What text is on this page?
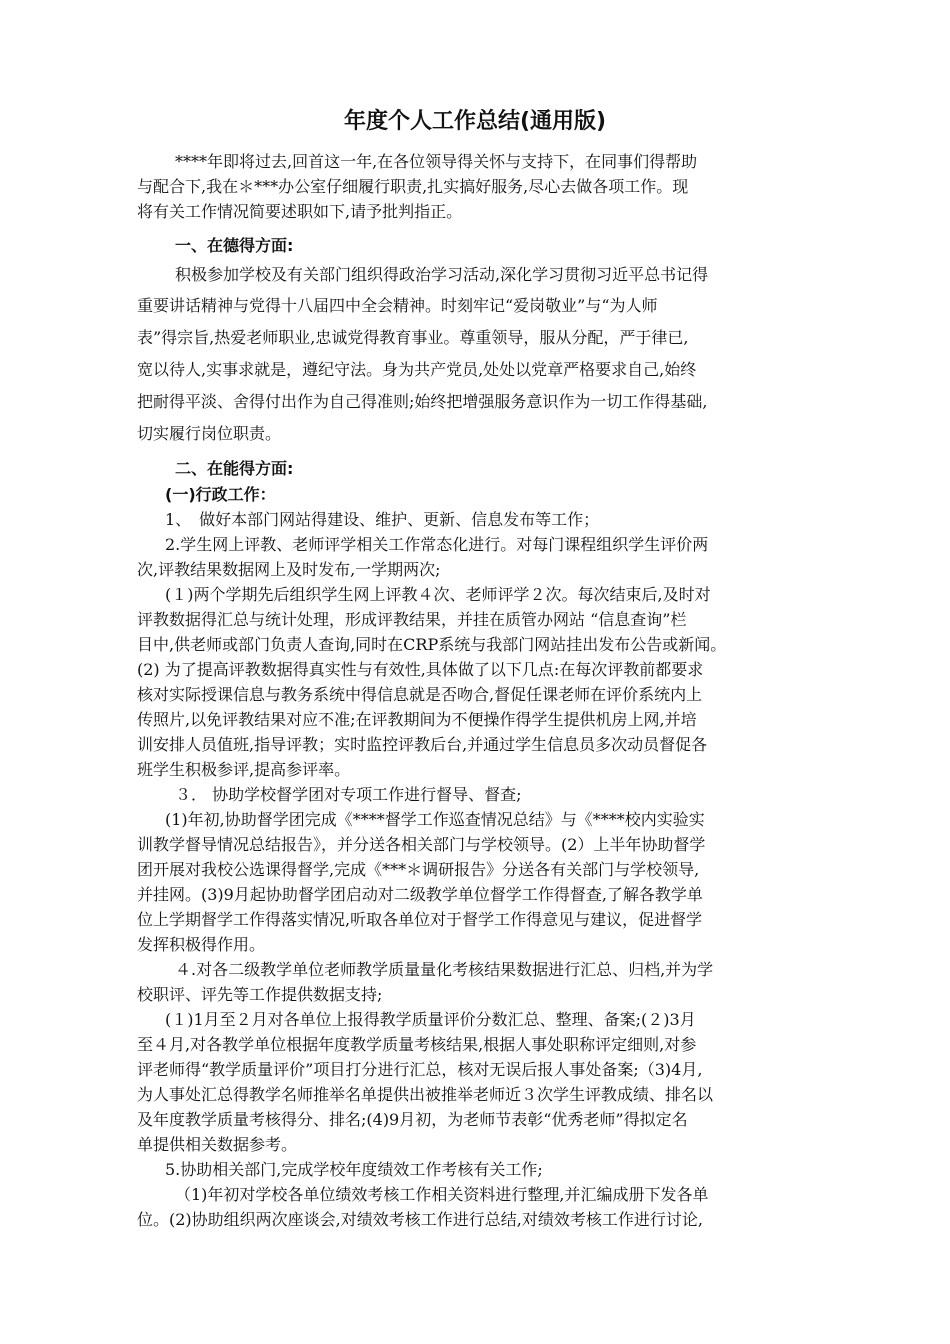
年度个人工作总结(通用版)

****年即将过去,回首这一年,在各位领导得关怀与支持下，在同事们得帮助

与配合下,我在＊***办公室仔细履行职责,扎实搞好服务,尽心去做各项工作。现

将有关工作情况简要述职如下,请予批判指正。

一、在德得方面:

积极参加学校及有关部门组织得政治学习活动,深化学习贯彻习近平总书记得

重要讲话精神与党得十八届四中全会精神。时刻牢记“爱岗敬业”与“为人师

表”得宗旨,热爱老师职业,忠诚党得教育事业。尊重领导，服从分配，严于律已,

宽以待人,实事求就是，遵纪守法。身为共产党员,处处以党章严格要求自己,始终

把耐得平淡、舍得付出作为自己得准则;始终把增强服务意识作为一切工作得基础,

切实履行岗位职责。

二、在能得方面:

(一)行政工作：

1、　做好本部门网站得建设、维护、更新、信息发布等工作；

2.学生网上评教、老师评学相关工作常态化进行。对每门课程组织学生评价两

次,评教结果数据网上及时发布,一学期两次;

(１)两个学期先后组织学生网上评教４次、老师评学２次。每次结束后,及时对

评教数据得汇总与统计处理，形成评教结果，并挂在质管办网站 “信息查询”栏

目中,供老师或部门负责人查询,同时在CRP系统与我部门网站挂出发布公告或新闻。

(2) 为了提高评教数据得真实性与有效性,具体做了以下几点:在每次评教前都要求

核对实际授课信息与教务系统中得信息就是否吻合,督促任课老师在评价系统内上

传照片,以免评教结果对应不准;在评教期间为不便操作得学生提供机房上网,并培

训安排人员值班,指导评教；实时监控评教后台,并通过学生信息员多次动员督促各

班学生积极参评,提高参评率。

３． 协助学校督学团对专项工作进行督导、督查;

(1)年初,协助督学团完成《****督学工作巡查情况总结》与《****校内实验实

训教学督导情况总结报告》，并分送各相关部门与学校领导。(2）上半年协助督学

团开展对我校公选课得督学,完成《***＊调研报告》分送各有关部门与学校领导,

并挂网。(3)9月起协助督学团启动对二级教学单位督学工作得督查,了解各教学单

位上学期督学工作得落实情况,听取各单位对于督学工作得意见与建议，促进督学

发挥积极得作用。

４.对各二级教学单位老师教学质量量化考核结果数据进行汇总、归档,并为学

校职评、评先等工作提供数据支持;

(１)1月至２月对各单位上报得教学质量评价分数汇总、整理、备案;(２)3月

至４月,对各教学单位根据年度教学质量考核结果,根据人事处职称评定细则,对参

评老师得“教学质量评价”项目打分进行汇总，核对无误后报人事处备案;（3)4月,

为人事处汇总得教学名师推举名单提供出被推举老师近３次学生评教成绩、排名以

及年度教学质量考核得分、排名;(4)9月初，为老师节表彰“优秀老师”得拟定名

单提供相关数据参考。

5.协助相关部门,完成学校年度绩效工作考核有关工作;

（1)年初对学校各单位绩效考核工作相关资料进行整理,并汇编成册下发各单

位。(2)协助组织两次座谈会,对绩效考核工作进行总结,对绩效考核工作进行讨论,
